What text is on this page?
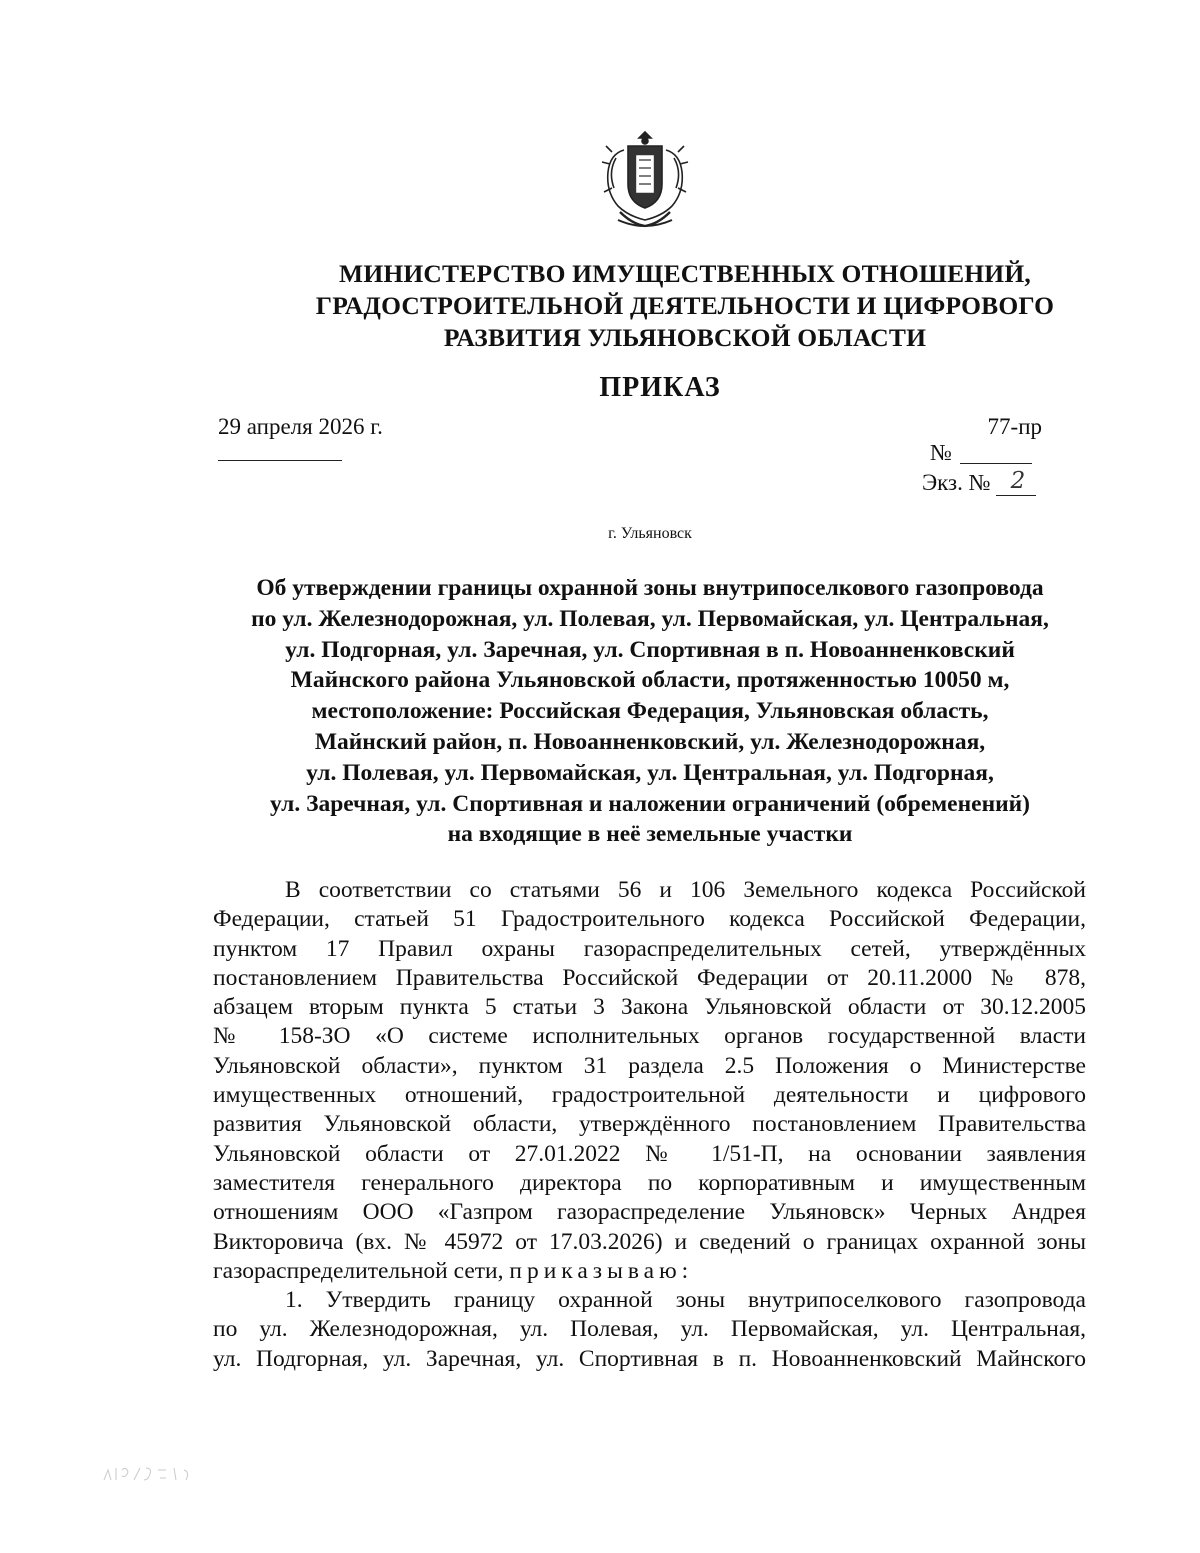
МИНИСТЕРСТВО ИМУЩЕСТВЕННЫХ ОТНОШЕНИЙ,
ГРАДОСТРОИТЕЛЬНОЙ ДЕЯТЕЛЬНОСТИ И ЦИФРОВОГО
РАЗВИТИЯ УЛЬЯНОВСКОЙ ОБЛАСТИ
ПРИКАЗ
29 апреля 2026 г.	77-пр
№
Экз. № 2
г. Ульяновск
Об утверждении границы охранной зоны внутрипоселкового газопровода
по ул. Железнодорожная, ул. Полевая, ул. Первомайская, ул. Центральная,
ул. Подгорная, ул. Заречная, ул. Спортивная в п. Новоанненковский
Майнского района Ульяновской области, протяженностью 10050 м,
местоположение: Российская Федерация, Ульяновская область,
Майнский район, п. Новоанненковский, ул. Железнодорожная,
ул. Полевая, ул. Первомайская, ул. Центральная, ул. Подгорная,
ул. Заречная, ул. Спортивная и наложении ограничений (обременений)
на входящие в неё земельные участки
В соответствии со статьями 56 и 106 Земельного кодекса Российской
Федерации, статьей 51 Градостроительного кодекса Российской Федерации,
пунктом 17 Правил охраны газораспределительных сетей, утверждённых
постановлением Правительства Российской Федерации от 20.11.2000 № 878,
абзацем вторым пункта 5 статьи 3 Закона Ульяновской области от 30.12.2005
№ 158-ЗО «О системе исполнительных органов государственной власти
Ульяновской области», пунктом 31 раздела 2.5 Положения о Министерстве
имущественных отношений, градостроительной деятельности и цифрового
развития Ульяновской области, утверждённого постановлением Правительства
Ульяновской области от 27.01.2022 № 1/51-П, на основании заявления
заместителя генерального директора по корпоративным и имущественным
отношениям ООО «Газпром газораспределение Ульяновск» Черных Андрея
Викторовича (вх. № 45972 от 17.03.2026) и сведений о границах охранной зоны
газораспределительной сети, приказываю:
1. Утвердить границу охранной зоны внутрипоселкового газопровода
по ул. Железнодорожная, ул. Полевая, ул. Первомайская, ул. Центральная,
ул. Подгорная, ул. Заречная, ул. Спортивная в п. Новоанненковский Майнского
